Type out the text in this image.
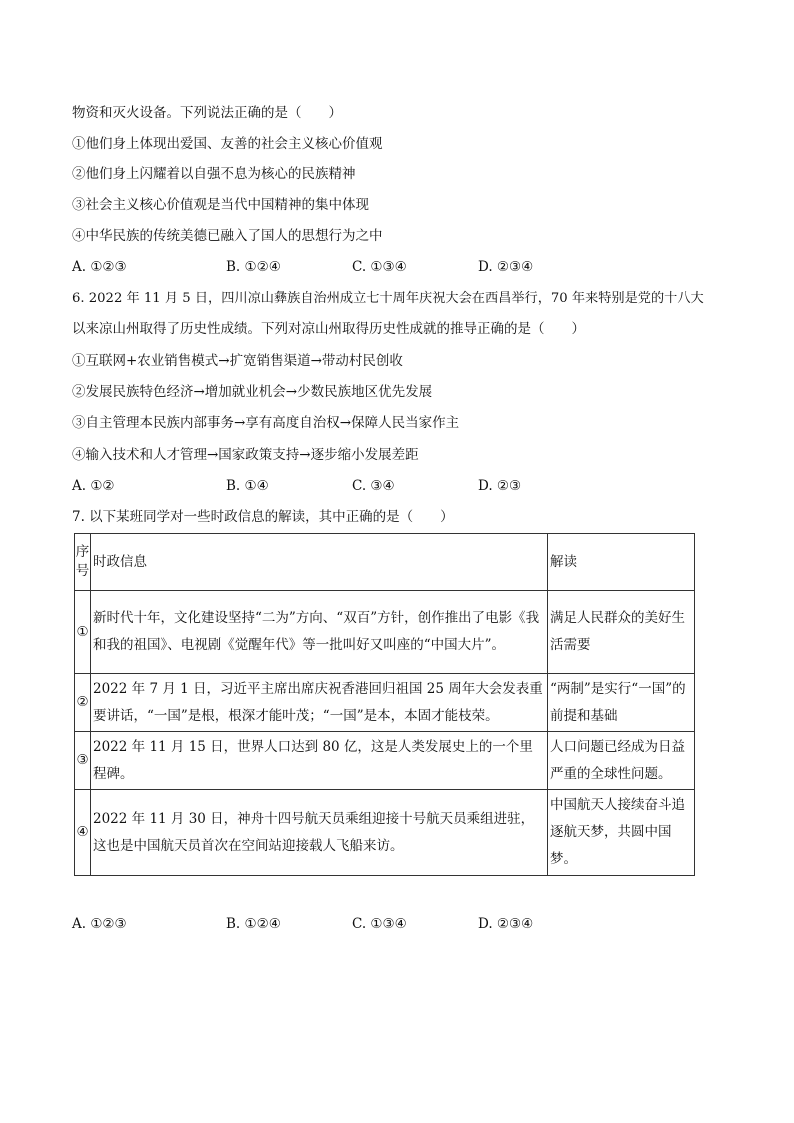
物资和灭火设备。下列说法正确的是（　　）
①他们身上体现出爱国、友善的社会主义核心价值观
②他们身上闪耀着以自强不息为核心的民族精神
③社会主义核心价值观是当代中国精神的集中体现
④中华民族的传统美德已融入了国人的思想行为之中
A. ①②③	B. ①②④	C. ①③④	D. ②③④
6. 2022 年 11 月 5 日，四川凉山彝族自治州成立七十周年庆祝大会在西昌举行，70 年来特别是党的十八大
以来凉山州取得了历史性成绩。下列对凉山州取得历史性成就的推导正确的是（　　）
①互联网+农业销售模式→扩宽销售渠道→带动村民创收
②发展民族特色经济→增加就业机会→少数民族地区优先发展
③自主管理本民族内部事务→享有高度自治权→保障人民当家作主
④输入技术和人才管理→国家政策支持→逐步缩小发展差距
A. ①②	B. ①④	C. ③④	D. ②③
7. 以下某班同学对一些时政信息的解读，其中正确的是（　　）
序号	时政信息	解读
①	新时代十年，文化建设坚持“二为”方向、“双百”方针，创作推出了电影《我和我的祖国》、电视剧《觉醒年代》等一批叫好又叫座的“中国大片”。	满足人民群众的美好生活需要
②	2022 年 7 月 1 日，习近平主席出席庆祝香港回归祖国 25 周年大会发表重要讲话，“一国”是根，根深才能叶茂；“一国”是本，本固才能枝荣。	“两制”是实行“一国”的前提和基础
③	2022 年 11 月 15 日，世界人口达到 80 亿，这是人类发展史上的一个里程碑。	人口问题已经成为日益严重的全球性问题。
④	2022 年 11 月 30 日，神舟十四号航天员乘组迎接十号航天员乘组进驻，这也是中国航天员首次在空间站迎接载人飞船来访。	中国航天人接续奋斗追逐航天梦，共圆中国梦。
A. ①②③	B. ①②④	C. ①③④	D. ②③④
